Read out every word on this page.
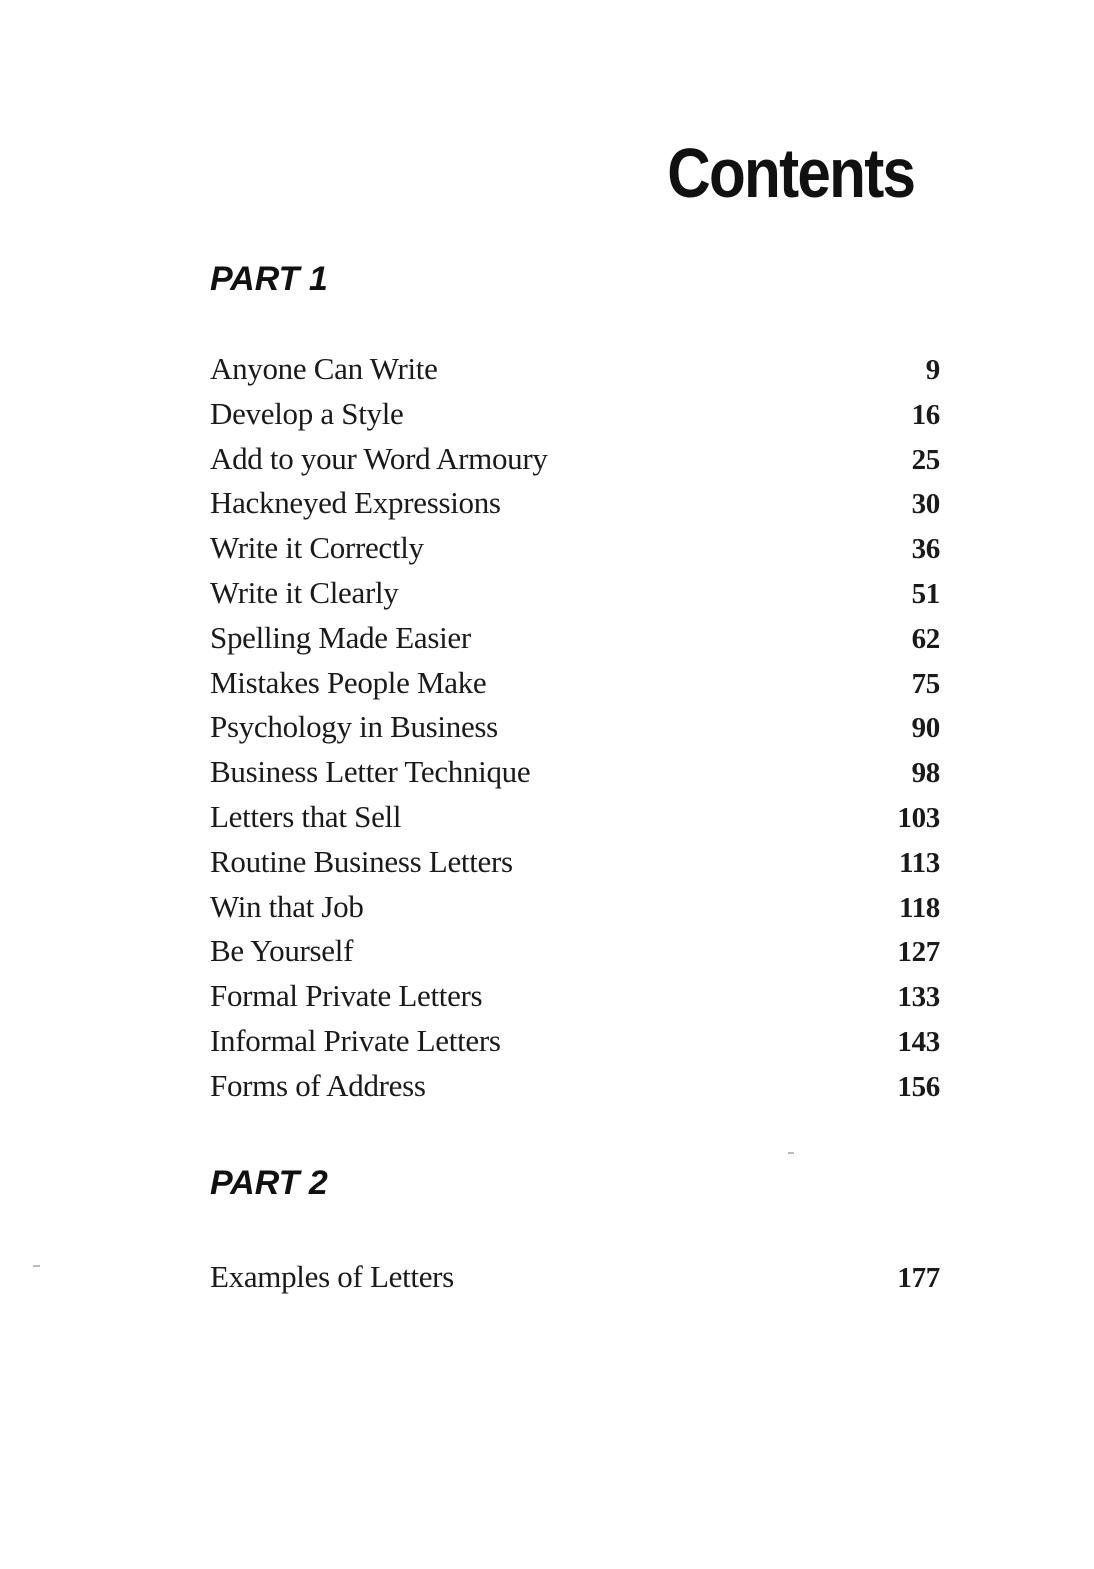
Contents
PART 1
Anyone Can Write	9
Develop a Style	16
Add to your Word Armoury	25
Hackneyed Expressions	30
Write it Correctly	36
Write it Clearly	51
Spelling Made Easier	62
Mistakes People Make	75
Psychology in Business	90
Business Letter Technique	98
Letters that Sell	103
Routine Business Letters	113
Win that Job	118
Be Yourself	127
Formal Private Letters	133
Informal Private Letters	143
Forms of Address	156
PART 2
Examples of Letters	177
